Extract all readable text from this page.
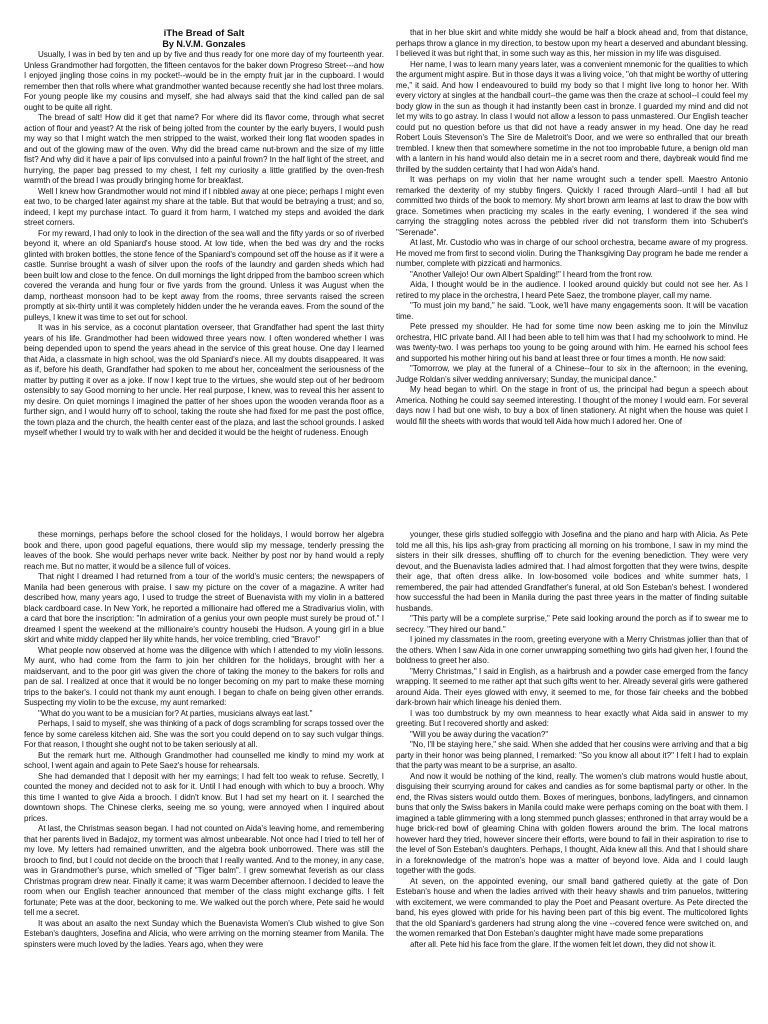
iThe Bread of Salt

By N.V.M. Gonzales

Usually, I was in bed by ten and up by five and thus ready for one more day of my fourteenth year. Unless Grandmother had forgotten, the fifteen centavos for the baker down Progreso Street---and how I enjoyed jingling those coins in my pocket!--would be in the empty fruit jar in the cupboard. I would remember then that rolls where what grandmother wanted because recently she had lost three molars. For young people like my cousins and myself, she had always said that the kind called pan de sal ought to be quite all right.

The bread of salt! How did it get that name? For where did its flavor come, through what secret action of flour and yeast? At the risk of being jolted from the counter by the early buyers, I would push my way so that I might watch the men stripped to the waist, worked their long flat wooden spades in and out of the glowing maw of the oven. Why did the bread came nut-brown and the size of my little fist? And why did it have a pair of lips convulsed into a painful frown? In the half light of the street, and hurrying, the paper bag pressed to my chest, I felt my curiosity a little gratified by the oven-fresh warmth of the bread I was proudly bringing home for breakfast.

Well I knew how Grandmother would not mind if I nibbled away at one piece; perhaps I might even eat two, to be charged later against my share at the table. But that would be betraying a trust; and so, indeed, I kept my purchase intact. To guard it from harm, I watched my steps and avoided the dark street corners.

For my reward, I had only to look in the direction of the sea wall and the fifty yards or so of riverbed beyond it, where an old Spaniard's house stood. At low tide, when the bed was dry and the rocks glinted with broken bottles, the stone fence of the Spaniard's compound set off the house as if it were a castle. Sunrise brought a wash of silver upon the roofs of the laundry and garden sheds which had been built low and close to the fence. On dull mornings the light dripped from the bamboo screen which covered the veranda and hung four or five yards from the ground. Unless it was August when the damp, northeast monsoon had to be kept away from the rooms, three servants raised the screen promptly at six-thirty until it was completely hidden under the he veranda eaves. From the sound of the pulleys, I knew it was time to set out for school.

It was in his service, as a coconut plantation overseer, that Grandfather had spent the last thirty years of his life. Grandmother had been widowed three years now. I often wondered whether I was being depended upon to spend the years ahead in the service of this great house. One day I learned that Aida, a classmate in high school, was the old Spaniard's niece. All my doubts disappeared. It was as if, before his death, Grandfather had spoken to me about her, concealment the seriousness of the matter by putting it over as a joke. If now I kept true to the virtues, she would step out of her bedroom ostensibly to say Good morning to her uncle. Her real purpose, I knew, was to reveal this her assent to my desire. On quiet mornings I imagined the patter of her shoes upon the wooden veranda floor as a further sign, and I would hurry off to school, taking the route she had fixed for me past the post office, the town plaza and the church, the health center east of the plaza, and last the school grounds. I asked myself whether I would try to walk with her and decided it would be the height of rudeness. Enough

that in her blue skirt and white middy she would be half a block ahead and, from that distance, perhaps throw a glance in my direction, to bestow upon my heart a deserved and abundant blessing. I believed it was but right that, in some such way as this, her mission in my life was disguised.

Her name, I was to learn many years later, was a convenient mnemonic for the qualities to which the argument might aspire. But in those days it was a living voice, "oh that might be worthy of uttering me," it said. And how I endeavoured to build my body so that I might live long to honor her. With every victory at singles at the handball court--the game was then the craze at school--I could feel my body glow in the sun as though it had instantly been cast in bronze. I guarded my mind and did not let my wits to go astray. In class I would not allow a lesson to pass unmastered. Our English teacher could put no question before us that did not have a ready answer in my head. One day he read Robert Louis Stevenson's The Sire de Maletroit's Door, and we were so enthralled that our breath trembled. I knew then that somewhere sometime in the not too improbable future, a benign old man with a lantern in his hand would also detain me in a secret room and there, daybreak would find me thrilled by the sudden certainty that I had won Aida's hand.

It was perhaps on my violin that her name wrought such a tender spell. Maestro Antonio remarked the dexterity of my stubby fingers. Quickly I raced through Alard--until I had all but committed two thirds of the book to memory. My short brown arm learns at last to draw the bow with grace. Sometimes when practicing my scales in the early evening, I wondered if the sea wind carrying the straggling notes across the pebbled river did not transform them into Schubert's "Serenade".

At last, Mr. Custodio who was in charge of our school orchestra, became aware of my progress. He moved me from first to second violin. During the Thanksgiving Day program he bade me render a number, complete with pizzicati and harmonics.

"Another Vallejo! Our own Albert Spalding!" I heard from the front row.

Aida, I thought would be in the audience. I looked around quickly but could not see her. As I retired to my place in the orchestra, I heard Pete Saez, the trombone player, call my name.

"To must join my band," he said. "Look, we'll have many engagements soon. It will be vacation time.

Pete pressed my shoulder. He had for some time now been asking me to join the Minviluz orchestra, HIC private band. All I had been able to tell him was that I had my schoolwork to mind. He was twenty-two. I was perhaps too young to be going around with him. He earned his school fees and supported his mother hiring out his band at least three or four times a month. He now said:

"Tomorrow, we play at the funeral of a Chinese--four to six in the afternoon; in the evening, Judge Roldan's silver wedding anniversary; Sunday, the municipal dance."

My head began to whirl. On the stage in front of us, the principal had begun a speech about America. Nothing he could say seemed interesting. I thought of the money I would earn. For several days now I had but one wish, to buy a box of linen stationery. At night when the house was quiet I would fill the sheets with words that would tell Aida how much I adored her. One of

these mornings, perhaps before the school closed for the holidays, I would borrow her algebra book and there, upon good pageful equations, there would slip my message, tenderly pressing the leaves of the book. She would perhaps never write back. Neither by post nor by hand would a reply reach me. But no matter, it would be a silence full of voices.

That night I dreamed I had returned from a tour of the world's music centers; the newspapers of Manila had been generous with praise. I saw my picture on the cover of a magazine. A writer had described how, many years ago, I used to trudge the street of Buenavista with my violin in a battered black cardboard case. In New York, he reported a millionaire had offered me a Stradivarius violin, with a card that bore the inscription: "In admiration of a genius your own people must surely be proud of." I dreamed I spent the weekend at the millionaire's country housebi the Hudson. A young girl in a blue skirt and white middy clapped her lily white hands, her voice trembling, cried "Bravo!"

What people now observed at home was the diligence with which I attended to my violin lessons. My aunt, who had come from the farm to join her children for the holidays, brought with her a maidservant, and to the poor girl was given the chore of taking the money to the bakers for rolls and pan de sal. I realized at once that it would be no longer becoming on my part to make these morning trips to the baker's. I could not thank my aunt enough. I began to chafe on being given other errands. Suspecting my violin to be the excuse, my aunt remarked:

"What do you want to be a musician for? At parties, musicians always eat last."

Perhaps, I said to myself, she was thinking of a pack of dogs scrambling for scraps tossed over the fence by some careless kitchen aid. She was the sort you could depend on to say such vulgar things. For that reason, I thought she ought not to be taken seriously at all.

But the remark hurt me. Although Grandmother had counselled me kindly to mind my work at school, I went again and again to Pete Saez's house for rehearsals.

She had demanded that I deposit with her my earnings; I had felt too weak to refuse. Secretly, I counted the money and decided not to ask for it. Until I had enough with which to buy a brooch. Why this time I wanted to give Aida a brooch. I didn't know. But I had set my heart on it. I searched the downtown shops. The Chinese clerks, seeing me so young, were annoyed when I inquired about prices.

At last, the Christmas season began. I had not counted on Aida's leaving home, and remembering that her parents lived in Badajoz, my torment was almost unbearable. Not once had I tried to tell her of my love. My letters had remained unwritten, and the algebra book unborrowed. There was still the brooch to find, but I could not decide on the brooch that I really wanted. And to the money, in any case, was in Grandmother's purse, which smelled of "Tiger balm". I grew somewhat feverish as our class Christmas program drew near. Finally it came; it was warm December afternoon. I decided to leave the room when our English teacher announced that member of the class might exchange gifts. I felt fortunate; Pete was at the door, beckoning to me. We walked out the porch where, Pete said he would tell me a secret.

It was about an asalto the next Sunday which the Buenavista Women's Club wished to give Son Esteban's daughters, Josefina and Alicia, who were arriving on the morning steamer from Manila. The spinsters were much loved by the ladies. Years ago, when they were

younger, these girls studied solfeggio with Josefina and the piano and harp with Alicia. As Pete told me all this, his lips ash-gray from practicing all morning on his trombone, I saw in my mind the sisters in their silk dresses, shuffling off to church for the evening benediction. They were very devout, and the Buenavista ladies admired that. I had almost forgotten that they were twins, despite their age, that often dress alike. In low-bosomed voile bodices and white summer hats, I remembered, the pair had attended Grandfather's funeral, at old Son Esteban's behest. I wondered how successful the had been in Manila during the past three years in the matter of finding suitable husbands.

"This party will be a complete surprise," Pete said looking around the porch as if to swear me to secrecy. "They hired our band."

I joined my classmates in the room, greeting everyone with a Merry Christmas jollier than that of the others. When I saw Aida in one corner unwrapping something two girls had given her, I found the boldness to greet her also.

"Merry Christmas," I said in English, as a hairbrush and a powder case emerged from the fancy wrapping. It seemed to me rather apt that such gifts went to her. Already several girls were gathered around Aida. Their eyes glowed with envy, it seemed to me, for those fair cheeks and the bobbed dark-brown hair which lineage his denied them.

I was too dumbstruck by my own meanness to hear exactly what Aida said in answer to my greeting. But I recovered shortly and asked:

"Will you be away during the vacation?"

"No, I'll be staying here," she said. When she added that her cousins were arriving and that a big party in their honor was being planned, I remarked: "So you know all about it?" I felt I had to explain that the party was meant to be a surprise, an asalto.

And now it would be nothing of the kind, really. The women's club matrons would hustle about, disguising their scurrying around for cakes and candies as for some baptismal party or other. In the end, the Rivas sisters would outdo them. Boxes of meringues, bonbons, ladyfingers, and cinnamon buns that only the Swiss bakers in Manila could make were perhaps coming on the boat with them. I imagined a table glimmering with a long stemmed punch glasses; enthroned in that array would be a huge brick-red bowl of gleaming China with golden flowers around the brim. The local matrons however hard they tried, however sincere their efforts, were bound to fail in their aspiration to rise to the level of Son Esteban's daughters. Perhaps, I thought, Aida knew all this. And that I should share in a foreknowledge of the matron's hope was a matter of beyond love. Aida and I could laugh together with the gods.

At seven, on the appointed evening, our small band gathered quietly at the gate of Don Esteban's house and when the ladies arrived with their heavy shawls and trim panuelos, twittering with excitement, we were commanded to play the Poet and Peasant overture. As Pete directed the band, his eyes glowed with pride for his having been part of this big event. The multicolored lights that the old Spaniard's gardeners had strung along the vine --covered fence were switched on, and the women remarked that Don Esteban's daughter might have made some preparations

after all. Pete hid his face from the glare. If the women felt let down, they did not show it.
